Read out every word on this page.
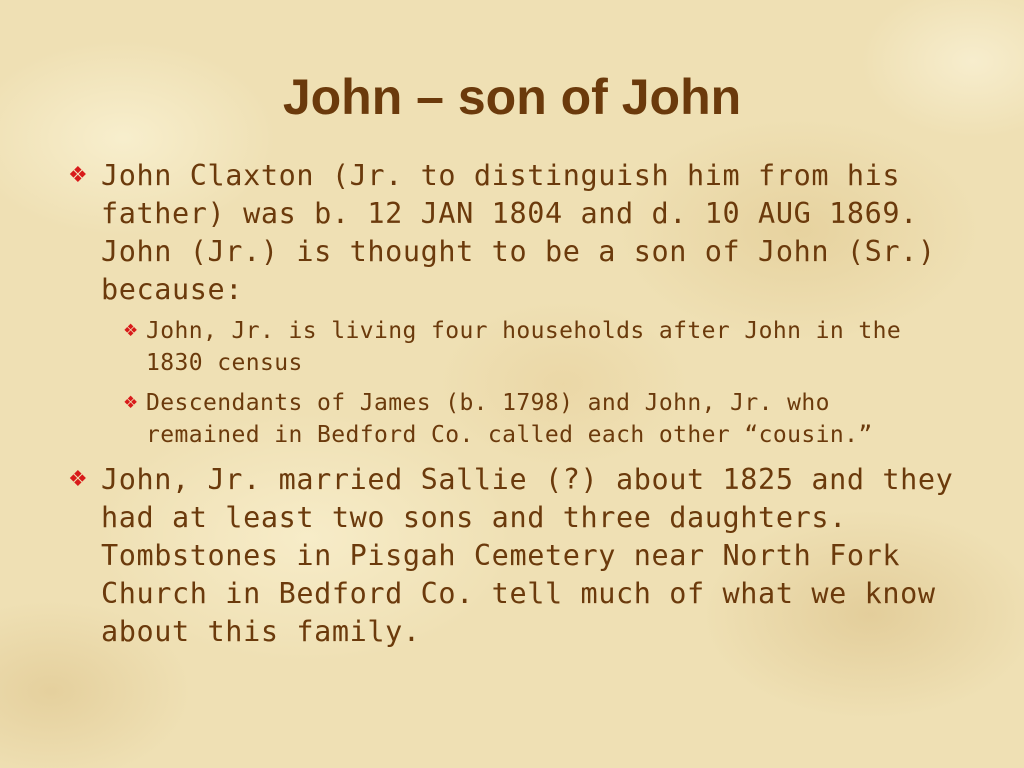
John – son of John

❖ John Claxton (Jr. to distinguish him from his father) was b. 12 JAN 1804 and d. 10 AUG 1869. John (Jr.) is thought to be a son of John (Sr.) because:

❖ John, Jr. is living four households after John in the 1830 census

❖ Descendants of James (b. 1798) and John, Jr. who remained in Bedford Co. called each other “cousin.”

❖ John, Jr. married Sallie (?) about 1825 and they had at least two sons and three daughters. Tombstones in Pisgah Cemetery near North Fork Church in Bedford Co. tell much of what we know about this family.
